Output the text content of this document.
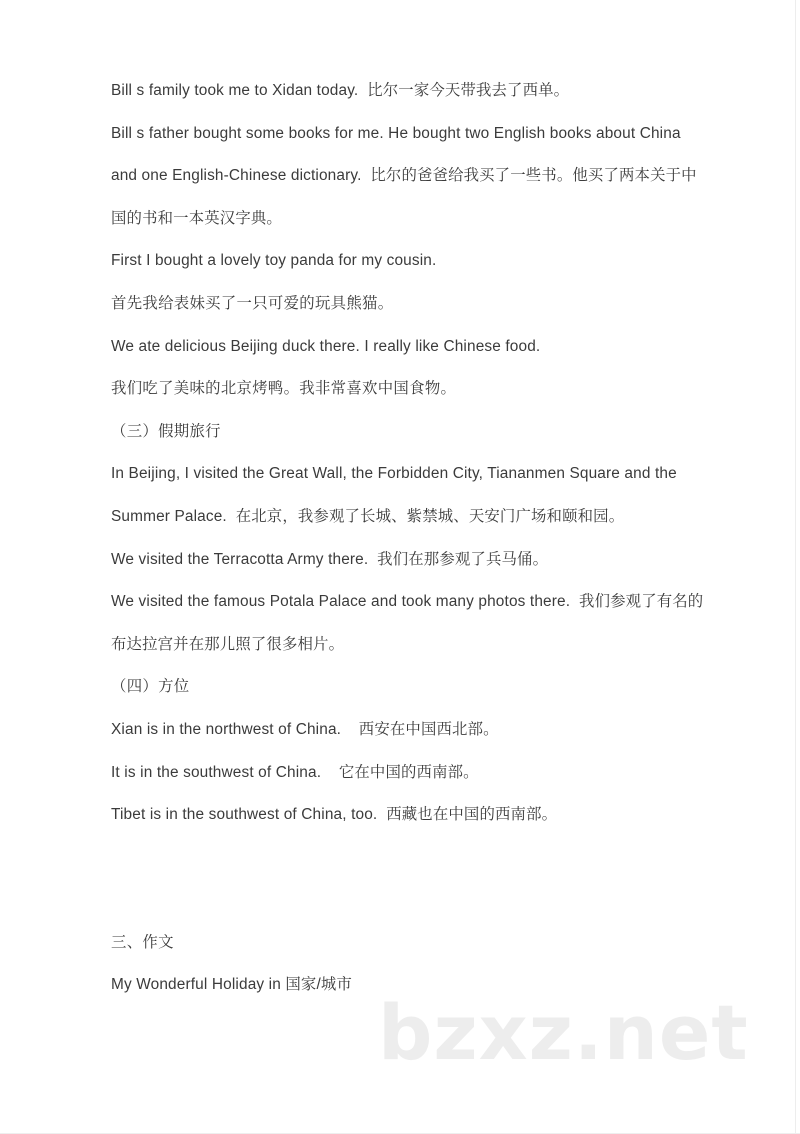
Bill s family took me to Xidan today.  比尔一家今天带我去了西单。

Bill s father bought some books for me. He bought two English books about China and one English-Chinese dictionary.  比尔的爸爸给我买了一些书。他买了两本关于中国的书和一本英汉字典。

First I bought a lovely toy panda for my cousin.

首先我给表妹买了一只可爱的玩具熊猫。

We ate delicious Beijing duck there. I really like Chinese food.

我们吃了美味的北京烤鸭。我非常喜欢中国食物。

（三）假期旅行

In Beijing, I visited the Great Wall, the Forbidden City, Tiananmen Square and the Summer Palace.  在北京，我参观了长城、紫禁城、天安门广场和颐和园。

We visited the Terracotta Army there.  我们在那参观了兵马俑。

We visited the famous Potala Palace and took many photos there.  我们参观了有名的布达拉宫并在那儿照了很多相片。

（四）方位

Xian is in the northwest of China.    西安在中国西北部。

It is in the southwest of China.    它在中国的西南部。

Tibet is in the southwest of China, too.  西藏也在中国的西南部。

三、作文

My Wonderful Holiday in 国家/城市

bzxz.net
